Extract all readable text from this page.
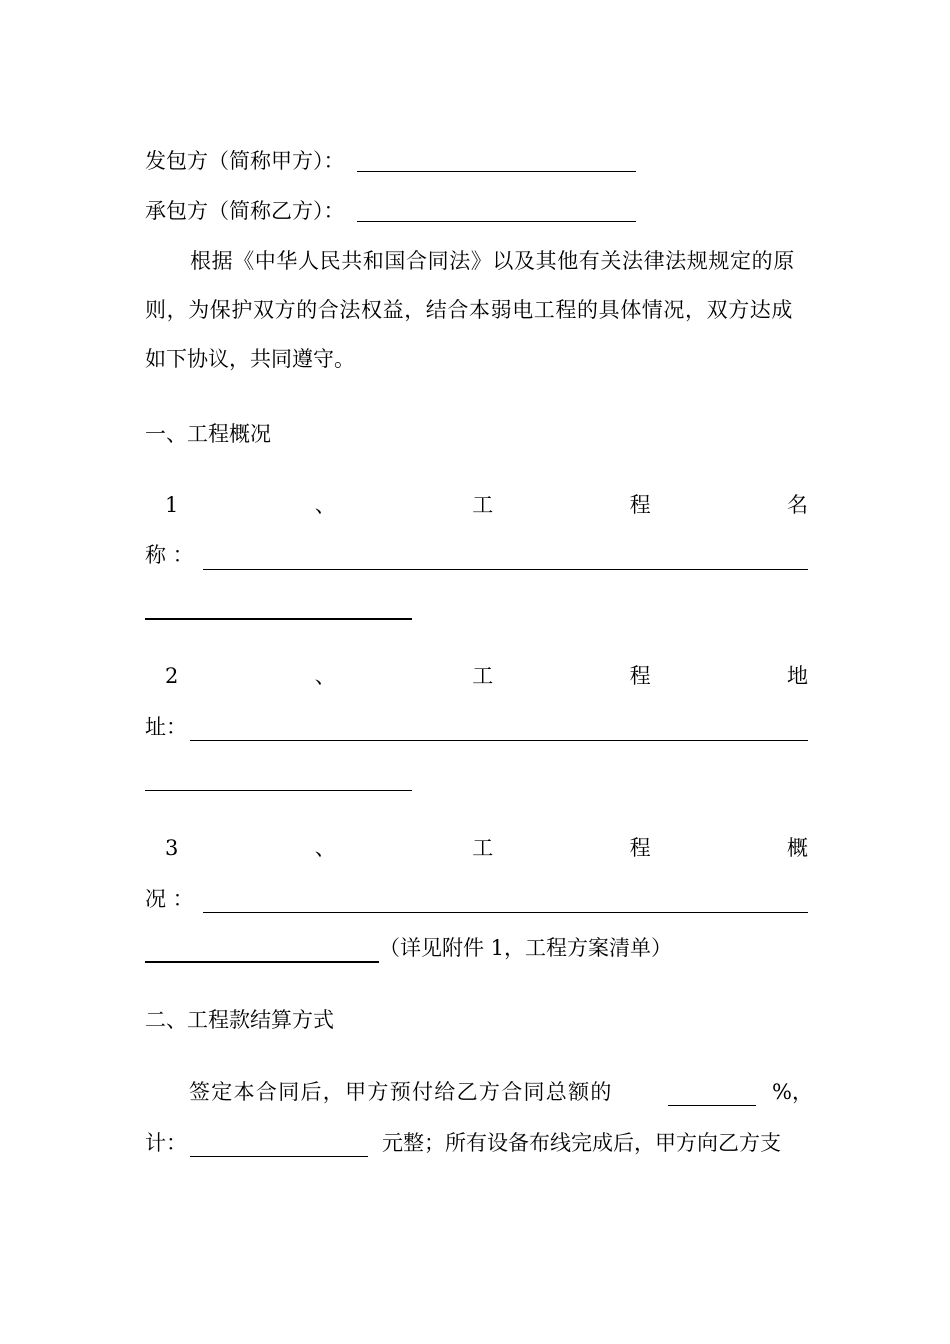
发包方（简称甲方）：

承包方（简称乙方）：

根据《中华人民共和国合同法》以及其他有关法律法规规定的原

则，为保护双方的合法权益，结合本弱电工程的具体情况，双方达成

如下协议，共同遵守。

一、工程概况

1	、	工	程	名

称 ：

2	、	工	程	地

址：

3	、	工	程	概

况 ：

（详见附件 1，工程方案清单）

二、工程款结算方式

签定本合同后，甲方预付给乙方合同总额的	%，

计：	元整；所有设备布线完成后，甲方向乙方支
